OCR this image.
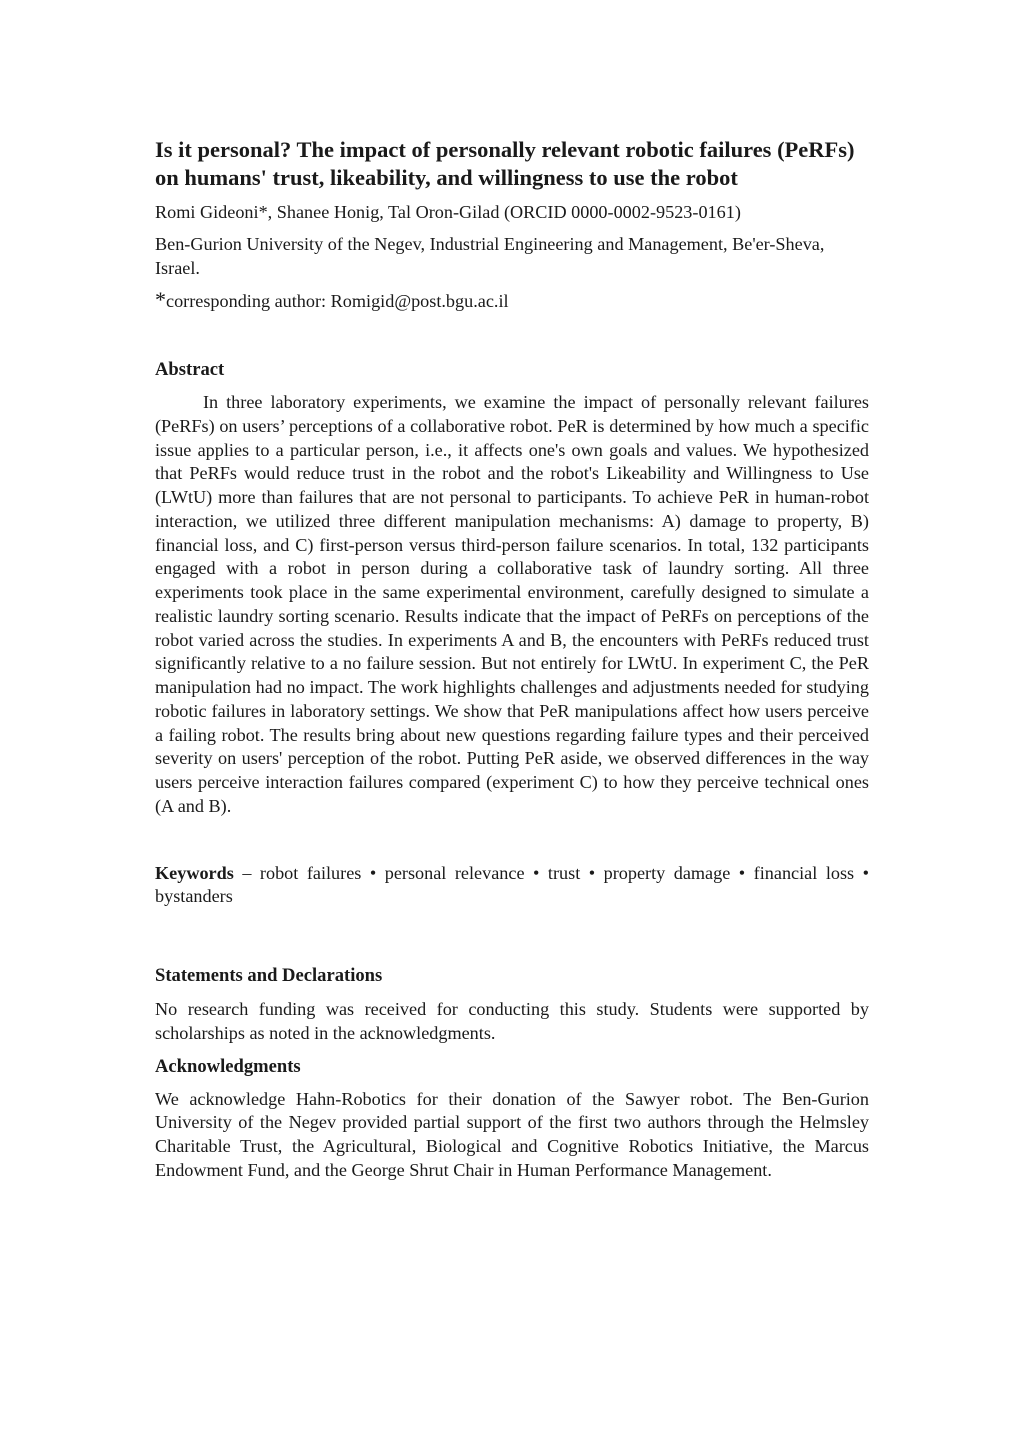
Is it personal? The impact of personally relevant robotic failures (PeRFs) on humans' trust, likeability, and willingness to use the robot

Romi Gideoni*, Shanee Honig, Tal Oron-Gilad (ORCID 0000-0002-9523-0161)

Ben-Gurion University of the Negev, Industrial Engineering and Management, Be'er-Sheva, Israel.

*corresponding author: Romigid@post.bgu.ac.il

Abstract

In three laboratory experiments, we examine the impact of personally relevant failures (PeRFs) on users’ perceptions of a collaborative robot. PeR is determined by how much a specific issue applies to a particular person, i.e., it affects one's own goals and values. We hypothesized that PeRFs would reduce trust in the robot and the robot's Likeability and Willingness to Use (LWtU) more than failures that are not personal to participants. To achieve PeR in human-robot interaction, we utilized three different manipulation mechanisms: A) damage to property, B) financial loss, and C) first-person versus third-person failure scenarios. In total, 132 participants engaged with a robot in person during a collaborative task of laundry sorting. All three experiments took place in the same experimental environment, carefully designed to simulate a realistic laundry sorting scenario. Results indicate that the impact of PeRFs on perceptions of the robot varied across the studies. In experiments A and B, the encounters with PeRFs reduced trust significantly relative to a no failure session. But not entirely for LWtU. In experiment C, the PeR manipulation had no impact. The work highlights challenges and adjustments needed for studying robotic failures in laboratory settings. We show that PeR manipulations affect how users perceive a failing robot. The results bring about new questions regarding failure types and their perceived severity on users' perception of the robot. Putting PeR aside, we observed differences in the way users perceive interaction failures compared (experiment C) to how they perceive technical ones (A and B).

Keywords – robot failures • personal relevance • trust • property damage • financial loss • bystanders

Statements and Declarations

No research funding was received for conducting this study. Students were supported by scholarships as noted in the acknowledgments.

Acknowledgments

We acknowledge Hahn-Robotics for their donation of the Sawyer robot. The Ben-Gurion University of the Negev provided partial support of the first two authors through the Helmsley Charitable Trust, the Agricultural, Biological and Cognitive Robotics Initiative, the Marcus Endowment Fund, and the George Shrut Chair in Human Performance Management.
